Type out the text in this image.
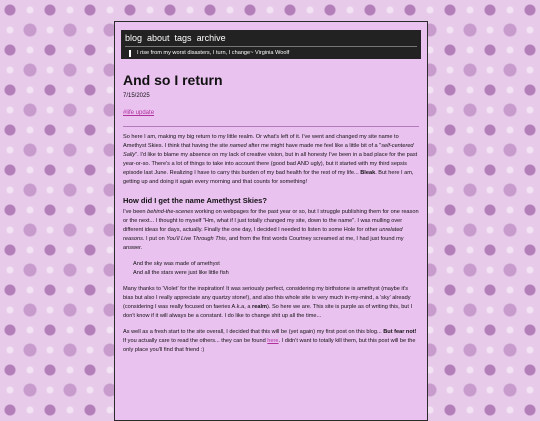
blog about tags archive
I rise from my worst disasters, I turn, I change~ Virginia Woolf
And so I return

7/15/2025

#life update

So here I am, making my big return to my little realm. Or what's left of it. I've went and changed my site name to Amethyst Skies. I think that having the site named after me might have made me feel like a little bit of a "self-centered Sally". I'd like to blame my absence on my lack of creative vision, but in all honesty I've been in a bad place for the past year-or-so. There's a lot of things to take into account there (good bad AND ugly), but it started with my third sepsis episode last June. Realizing I have to carry this burden of my bad health for the rest of my life... Bleak. But here I am, getting up and doing it again every morning and that counts for something!

How did I get the name Amethyst Skies?

I've been behind-the-scenes working on webpages for the past year or so, but I struggle publishing them for one reason or the next... I thought to myself "Hm, what if I just totally changed my site, down to the name". I was mulling over different ideas for days, actually. Finally the one day, I decided I needed to listen to some Hole for other unrelated reasons. I put on You'll Live Through This, and from the first words Courtney screamed at me, I had just found my answer.

And the sky was made of amethyst
And all the stars were just like little fish

Many thanks to 'Violet' for the inspiration! It was seriously perfect, considering my birthstone is amethyst (maybe it's bias but also I really appreciate any quartzy stone!), and also this whole site is very much in-my-mind, a 'sky' already (considering I was really focused on faeries A.k.a, a realm). So here we are. This site is purple as of writing this, but I don't know if it will always be a constant. I do like to change shit up all the time...

As well as a fresh start to the site overall, I decided that this will be (yet again) my first post on this blog... But fear not! If you actually care to read the others... they can be found here. I didn't want to totally kill them, but this post will be the only place you'll find that friend :)
